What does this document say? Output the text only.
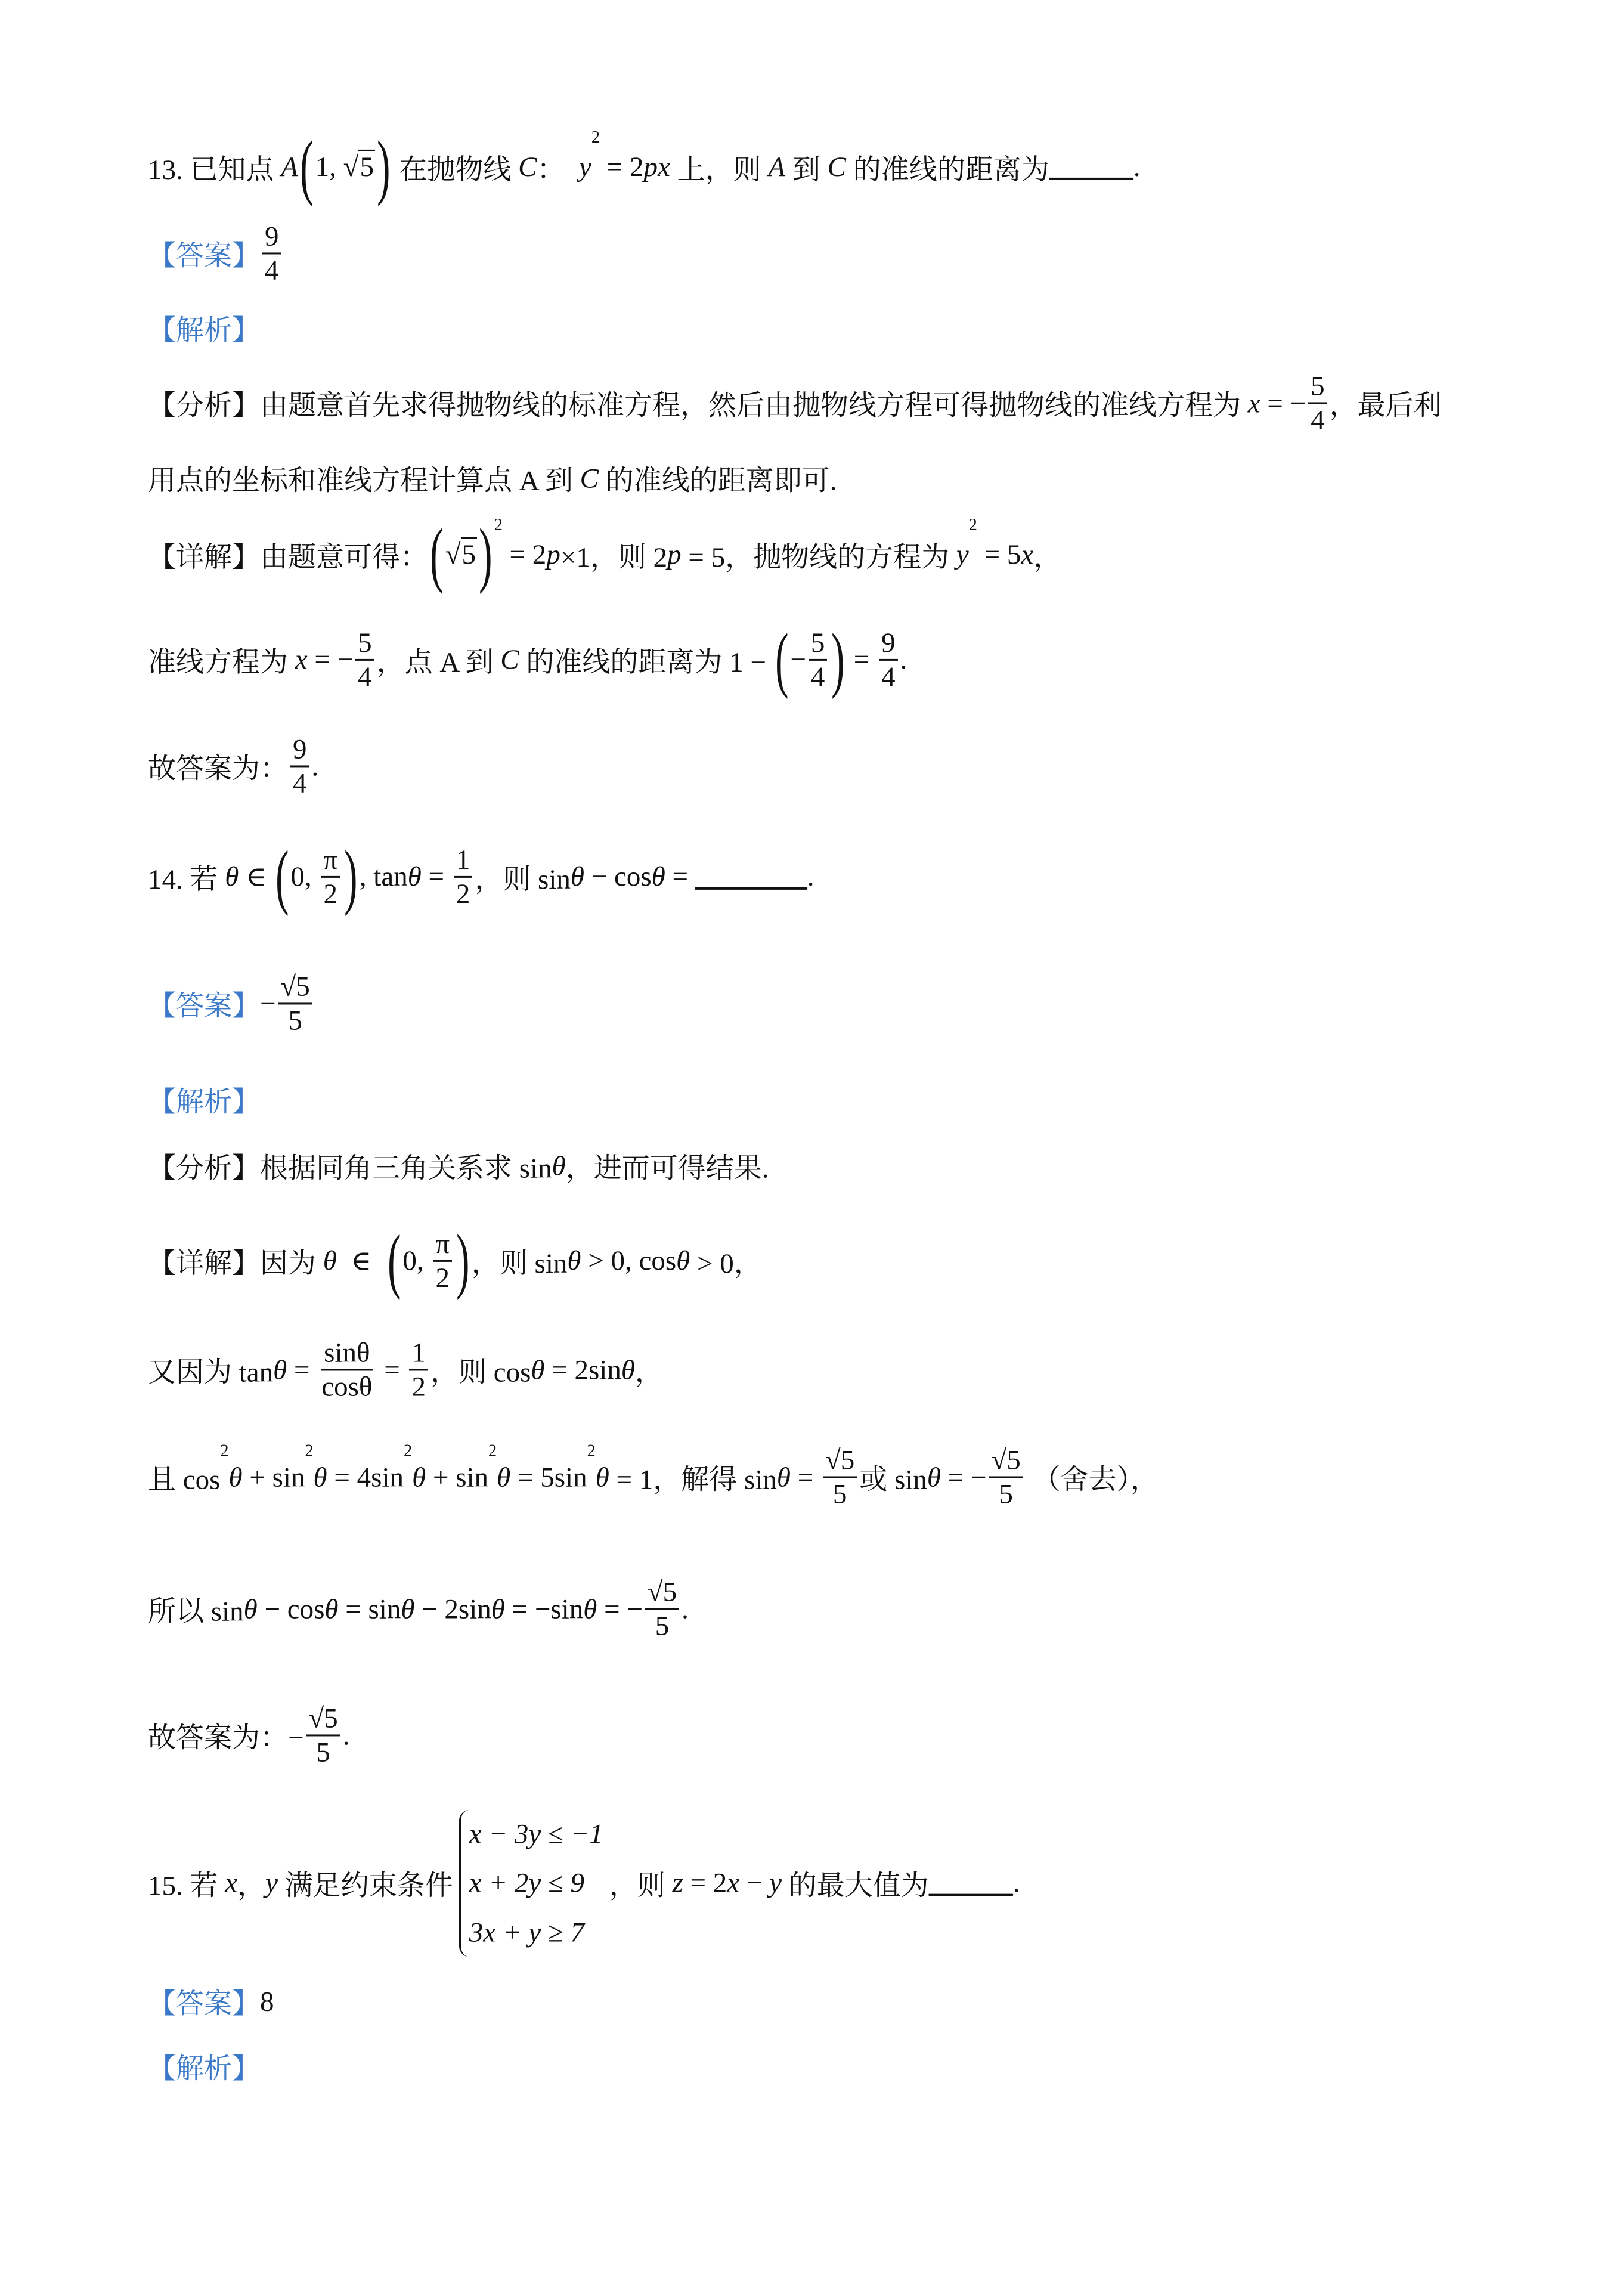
13. 已知点 A ( 1, √5 ) 在抛物线 C ： y
2
= 2 px 上，则 A 到 C 的准线的距离为 ______ .
【答案】 $\frac{9}{4}$
【解析】
【分析】由题意首先求得抛物线的标准方程，然后由抛物线方程可得抛物线的准线方程为 x = − $\frac{5}{4}$ ，最后利
用点的坐标和准线方程计算点 A 到 C 的准线的距离即可.
【详解】由题意可得： ( √5 ) 2
= 2 p ×1，则 2 p = 5，抛物线的方程为 y
2
= 5 x ，
准线方程为 x = − $\frac{5}{4}$ ，点 A 到 C 的准线的距离为 1 − ( − $\frac{5}{4}$ ) = $\frac{9}{4}$ .
故答案为： $\frac{9}{4}$ .
14. 若 θ ∈ ( 0, $\frac{\pi}{2}$ ) , $\tan \theta = \frac{1}{2}$ ，则 sin θ − cos θ = ________ .
【答案】 − $\frac{√5}{5}$
【解析】
【分析】根据同角三角关系求 sin θ ，进而可得结果.
【详解】因为 θ ∈ ( 0, $\frac{\pi}{2}$ ) ，则 sin θ > 0, cos θ > 0，
又因为 $\tan \theta = \frac{\sin\theta}{\cos\theta} = \frac{1}{2}$ ，则 cos θ = 2sin θ ，
且 cos
2
θ + sin
2
θ = 4sin
2
θ + sin
2
θ = 5sin
2
θ = 1，解得 $\sin \theta = \frac{√5}{5}$ 或 sin θ = − $\frac{√5}{5}$ （舍去），
所以 sin θ − cos θ = sin θ − 2sin θ = −sin θ = − $\frac{√5}{5}$ .
故答案为：− $\frac{√5}{5}$ .
15. 若 x ， y 满足约束条件
x − 3y ≤ −1
x + 2y ≤ 9
3x + y ≥ 7
，则 z = 2 x − y 的最大值为 ______ .
【答案】 8
【解析】
